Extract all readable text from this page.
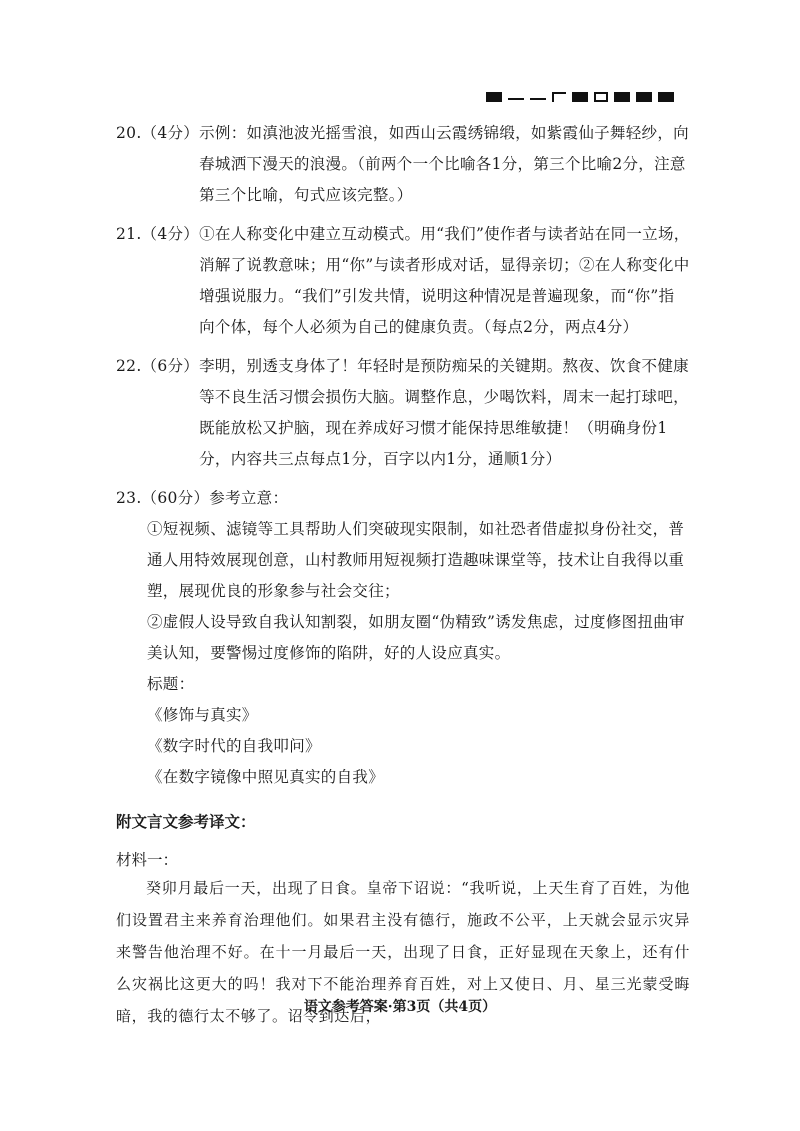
20.（4分） 示例：如滇池波光摇雪浪，如西山云霞绣锦缎，如紫霞仙子舞轻纱，向春城洒下漫天的浪漫。（前两个一个比喻各1分，第三个比喻2分，注意第三个比喻，句式应该完整。）
21.（4分） ①在人称变化中建立互动模式。用“我们”使作者与读者站在同一立场，消解了说教意味；用“你”与读者形成对话，显得亲切；②在人称变化中增强说服力。“我们”引发共情，说明这种情况是普遍现象，而“你”指向个体，每个人必须为自己的健康负责。（每点2分，两点4分）
22.（6分） 李明，别透支身体了！年轻时是预防痴呆的关键期。熬夜、饮食不健康等不良生活习惯会损伤大脑。调整作息，少喝饮料，周末一起打球吧，既能放松又护脑，现在养成好习惯才能保持思维敏捷！（明确身份1分，内容共三点每点1分，百字以内1分，通顺1分）
23.（60分） 参考立意：
①短视频、滤镜等工具帮助人们突破现实限制，如社恐者借虚拟身份社交，普通人用特效展现创意，山村教师用短视频打造趣味课堂等，技术让自我得以重塑，展现优良的形象参与社会交往；
②虚假人设导致自我认知割裂，如朋友圈“伪精致”诱发焦虑，过度修图扭曲审美认知，要警惕过度修饰的陷阱，好的人设应真实。
标题：
《修饰与真实》
《数字时代的自我叩问》
《在数字镜像中照见真实的自我》
附文言文参考译文：
材料一：
癸卯月最后一天，出现了日食。皇帝下诏说：“我听说，上天生育了百姓，为他们设置君主来养育治理他们。如果君主没有德行，施政不公平，上天就会显示灾异来警告他治理不好。在十一月最后一天，出现了日食，正好显现在天象上，还有什么灾祸比这更大的吗！我对下不能治理养育百姓，对上又使日、月、星三光蒙受晦暗，我的德行太不够了。诏令到达后，
语文参考答案·第3页（共4页）
